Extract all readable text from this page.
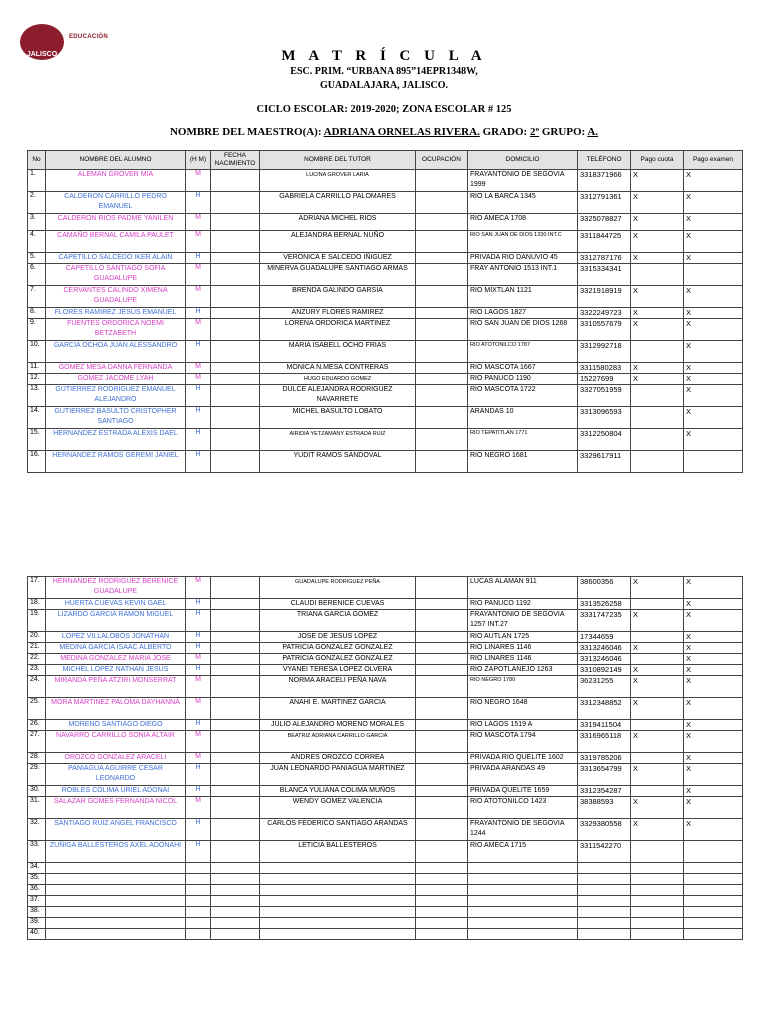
JALISCO
EDUCACIÓN
M A T R Í C U L A
ESC. PRIM. “URBANA 895”14EPR1348W,
GUADALAJARA, JALISCO.
CICLO ESCOLAR: 2019-2020; ZONA ESCOLAR # 125
NOMBRE DEL MAESTRO(A): ADRIANA ORNELAS RIVERA. GRADO: 2º GRUPO: A.
No	NOMBRE DEL ALUMNO	(H M)	FECHA NACIMIENTO	NOMBRE DEL TUTOR	OCUPACIÓN	DOMICILIO	TELÉFONO	Pago cuota	Pago examen
1.	ALEMAN GROVER MIA	M		LUCINA GROVER LARIA		FRAYANTONIO DE SEGOVIA 1999	3318371966	X	X
2.	CALDERON CARRILLO PEDRO EMANUEL	H		GABRIELA CARRILLO PALOMARES		RIO LA BARCA 1345	3312791361	X	X
3.	CALDERON RIOS PADME YANILEN	M		ADRIANA MICHEL RIOS		RIO AMECA 1708	3325078827	X	X
4.	CAMAÑO BERNAL CAMILA PAULET	M		ALEJANDRA BERNAL NUÑO		RIO SAN JUAN DE DIOS 1330 INT.C	3311844725	X	X
5.	CAPETILLO SALCEDO IKER ALAIN	H		VERONICA E SALCEDO IÑIGUEZ		PRIVADA RIO DANUVIO 45	3312787176	X	X
6.	CAPETILLO SANTIAGO SOFIA GUADALUPE	M		MINERVA GUADALUPE SANTIAGO ARMAS		FRAY ANTONIO 1513 INT.1	3315334341		
7.	CERVANTES CALINDO XIMENA GUADALUPE	M		BRENDA GALINDO GARSIA		RIO MIXTLAN 1121	3321918919	X	X
8.	FLORES RAMIREZ JESUS EMANUEL	H		ANZURY FLORES RAMIREZ		RIO LAGOS 1827	3322249723	X	X
9.	FUENTES ORDORICA NOEMI BETZABETH	M		LORENA ORDORICA MARTINEZ		RIO SAN JUAN DE DIOS 1268	3310557679	X	X
10.	GARCIA OCHOA JUAN ALESSANDRO	H		MARIA ISABELL OCHO FRIAS		RIO ATOTONILCO 1787	3312992718		X
11.	GOMEZ MESA DANNA FERNANDA	M		MONICA N.MESA CONTRERAS		RIO MASCOTA 1667	3311580283	X	X
12.	GOMEZ JACOME LYAH	M		HUGO EDUARDO GOMEZ		RIO PANUCO 1190	15227699	X	X
13.	GUTIERREZ RODRIGUEZ EMANUEL ALEJANDRO	H		DULCE ALEJANDRA RODRIGUEZ NAVARRETE		RIO MASCOTA 1722	3327051959		X
14.	GUTIERREZ BASULTO CRISTOPHER SANTIAGO	H		MICHEL BASULTO LOBATO		ARANDAS 10	3313096593		X
15.	HERNANDEZ ESTRADA ALEXIS DAEL	H		AIRIDIA YETZAMANY ESTRADA RUIZ		RIO TEPATITLAN 1771	3312250804		X
16.	HERNANDEZ RAMOS GEREMI JANIEL	H		YUDIT RAMOS SANDOVAL		RIO NEGRO 1681	3329617911		
17.	HERNANDEZ RODRIGUEZ BERENICE GUADALUPE	M		GUADALUPE RODRIGUEZ PEÑA		LUCAS ALAMAN 911	38600356	X	X
18.	HUERTA CUEVAS KEVIN GAEL	H		CLAUDI BERENICE CUEVAS		RIO PANUCO 1192	3313526258		X
19.	LIZARDO GARCIA RAMON MIGUEL	H		TRIANA GARCIA GOMEZ		FRAYANTONIO DE SEGOVIA 1257 INT.27	3331747235	X	X
20.	LOPEZ VILLALOBOS JONATHAN	H		JOSE DE JESUS LOPEZ		RIO AUTLAN 1725	17344659		X
21.	MEDINA GARCIA ISAAC ALBERTO	H		PATRICIA GONZALEZ GONZALEZ		RIO LINARES 1146	3313246046	X	X
22.	MEDINA GONZALEZ MARIA JOSE	M		PATRICIA GONZALEZ GONZALEZ		RIO LINARES 1146	3313246046		X
23.	MICHEL LOPEZ NATHAN JESUS	H		VYANEI TERESA LOPEZ OLVERA		RIO ZAPOTLANEJO 1263	3310892149	X	X
24.	MIRANDA PEÑA ATZIRI MONSERRAT	M		NORMA ARACELI PEÑA NAVA		RIO NEGRO 1780	36231255	X	X
25.	MORA MARTINEZ PALOMA DAYHANNA	M		ANAHI E. MARTINEZ GARCIA		RIO NEGRO 1648	3312348852	X	X
26.	MORENO SANTIAGO DIEGO	H		JULIO ALEJANDRO MORENO MORALES		RIO LAGOS 1519 A	3319411504		X
27.	NAVARRO CARRILLO SONIA ALTAIR	M		BEATRIZ ADRIANA CARRILLO GARCIA		RIO MASCOTA 1794	3316965118	X	X
28.	OROZCO GONZALEZ ARACELI	M		ANDRES OROZCO CORREA		PRIVADA RIO QUELITE 1602	3319785206		X
29.	PANIAGUA AGUIRRE CESAR LEONARDO	H		JUAN LEONARDO PANIAGUA MARTINEZ		PRIVADA ARANDAS 49	3313654799	X	X
30.	ROBLES COLIMA URIEL ADONAI	H		BLANCA YULIANA COLIMA MUÑOS		PRIVADA QUELITE 1659	3312354287		X
31.	SALAZAR GOMES FERNANDA NICOL	M		WENDY GOMEZ VALENCIA		RIO ATOTONILCO 1423	38388593	X	X
32.	SANTIAGO RUIZ ANGEL FRANCISCO	H		CARLOS FEDERICO SANTIAGO ARANDAS		FRAYANTONIO DE SEGOVIA 1244	3329380558	X	X
33.	ZUÑIGA BALLESTEROS AXEL ADONAHI	H		LETICIA BALLESTEROS		RIO AMECA 1715	3311542270		
34.									
35.									
36.									
37.									
38.									
39.									
40.									
